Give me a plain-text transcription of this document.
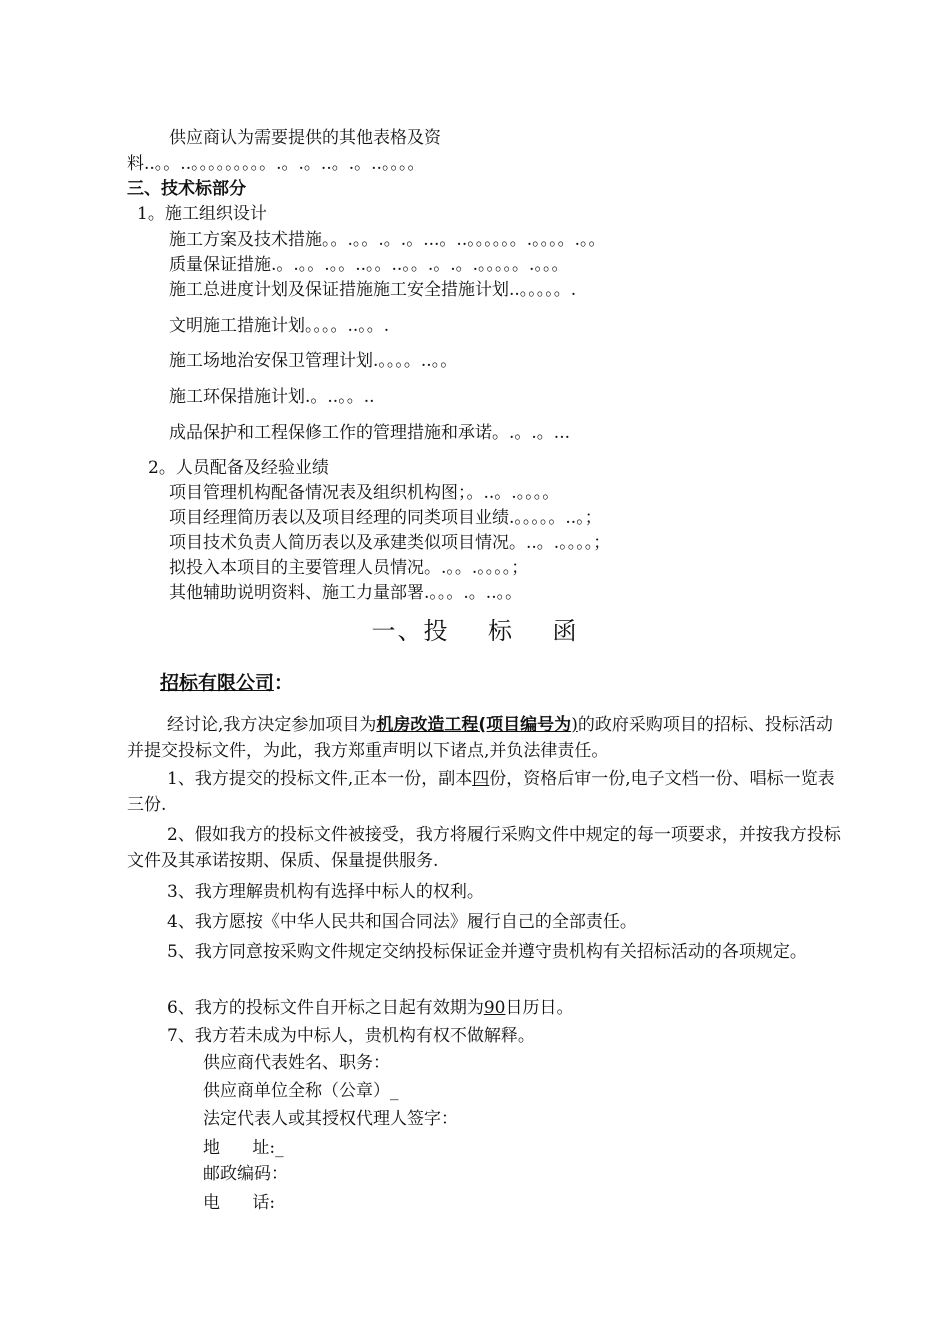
供应商认为需要提供的其他表格及资
料..。。..。。。。。。。。。.。.。..。.。..。。。。
三、技术标部分
1。施工组织设计
施工方案及技术措施。。.。。.。.。...。..。。。。。。.。。。。.。。
质量保证措施.。.。。.。。..。。..。。.。.。.。。。。。.。。。
施工总进度计划及保证措施施工安全措施计划..。。。。。.
文明施工措施计划。。。。..。。.
施工场地治安保卫管理计划.。。。。..。。
施工环保措施计划.。..。。..
成品保护和工程保修工作的管理措施和承诺。.。.。...
2。人员配备及经验业绩
项目管理机构配备情况表及组织机构图；。..。.。。。。
项目经理简历表以及项目经理的同类项目业绩.。。。。。..。；
项目技术负责人简历表以及承建类似项目情况。..。.。。。。；
拟投入本项目的主要管理人员情况。.。。.。。。。；
其他辅助说明资料、施工力量部署.。。。.。..。。
一、投    标    函
招标有限公司：
经讨论,我方决定参加项目为机房改造工程(项目编号为)的政府采购项目的招标、投标活动并提交投标文件，为此，我方郑重声明以下诸点,并负法律责任。
1、我方提交的投标文件,正本一份，副本四份，资格后审一份,电子文档一份、唱标一览表三份.
2、假如我方的投标文件被接受，我方将履行采购文件中规定的每一项要求，并按我方投标文件及其承诺按期、保质、保量提供服务.
3、我方理解贵机构有选择中标人的权利。
4、我方愿按《中华人民共和国合同法》履行自己的全部责任。
5、我方同意按采购文件规定交纳投标保证金并遵守贵机构有关招标活动的各项规定。
6、我方的投标文件自开标之日起有效期为90日历日。
7、我方若未成为中标人，贵机构有权不做解释。
供应商代表姓名、职务：
供应商单位全称（公章）_
法定代表人或其授权代理人签字：
地      址:_
邮政编码：
电      话:
